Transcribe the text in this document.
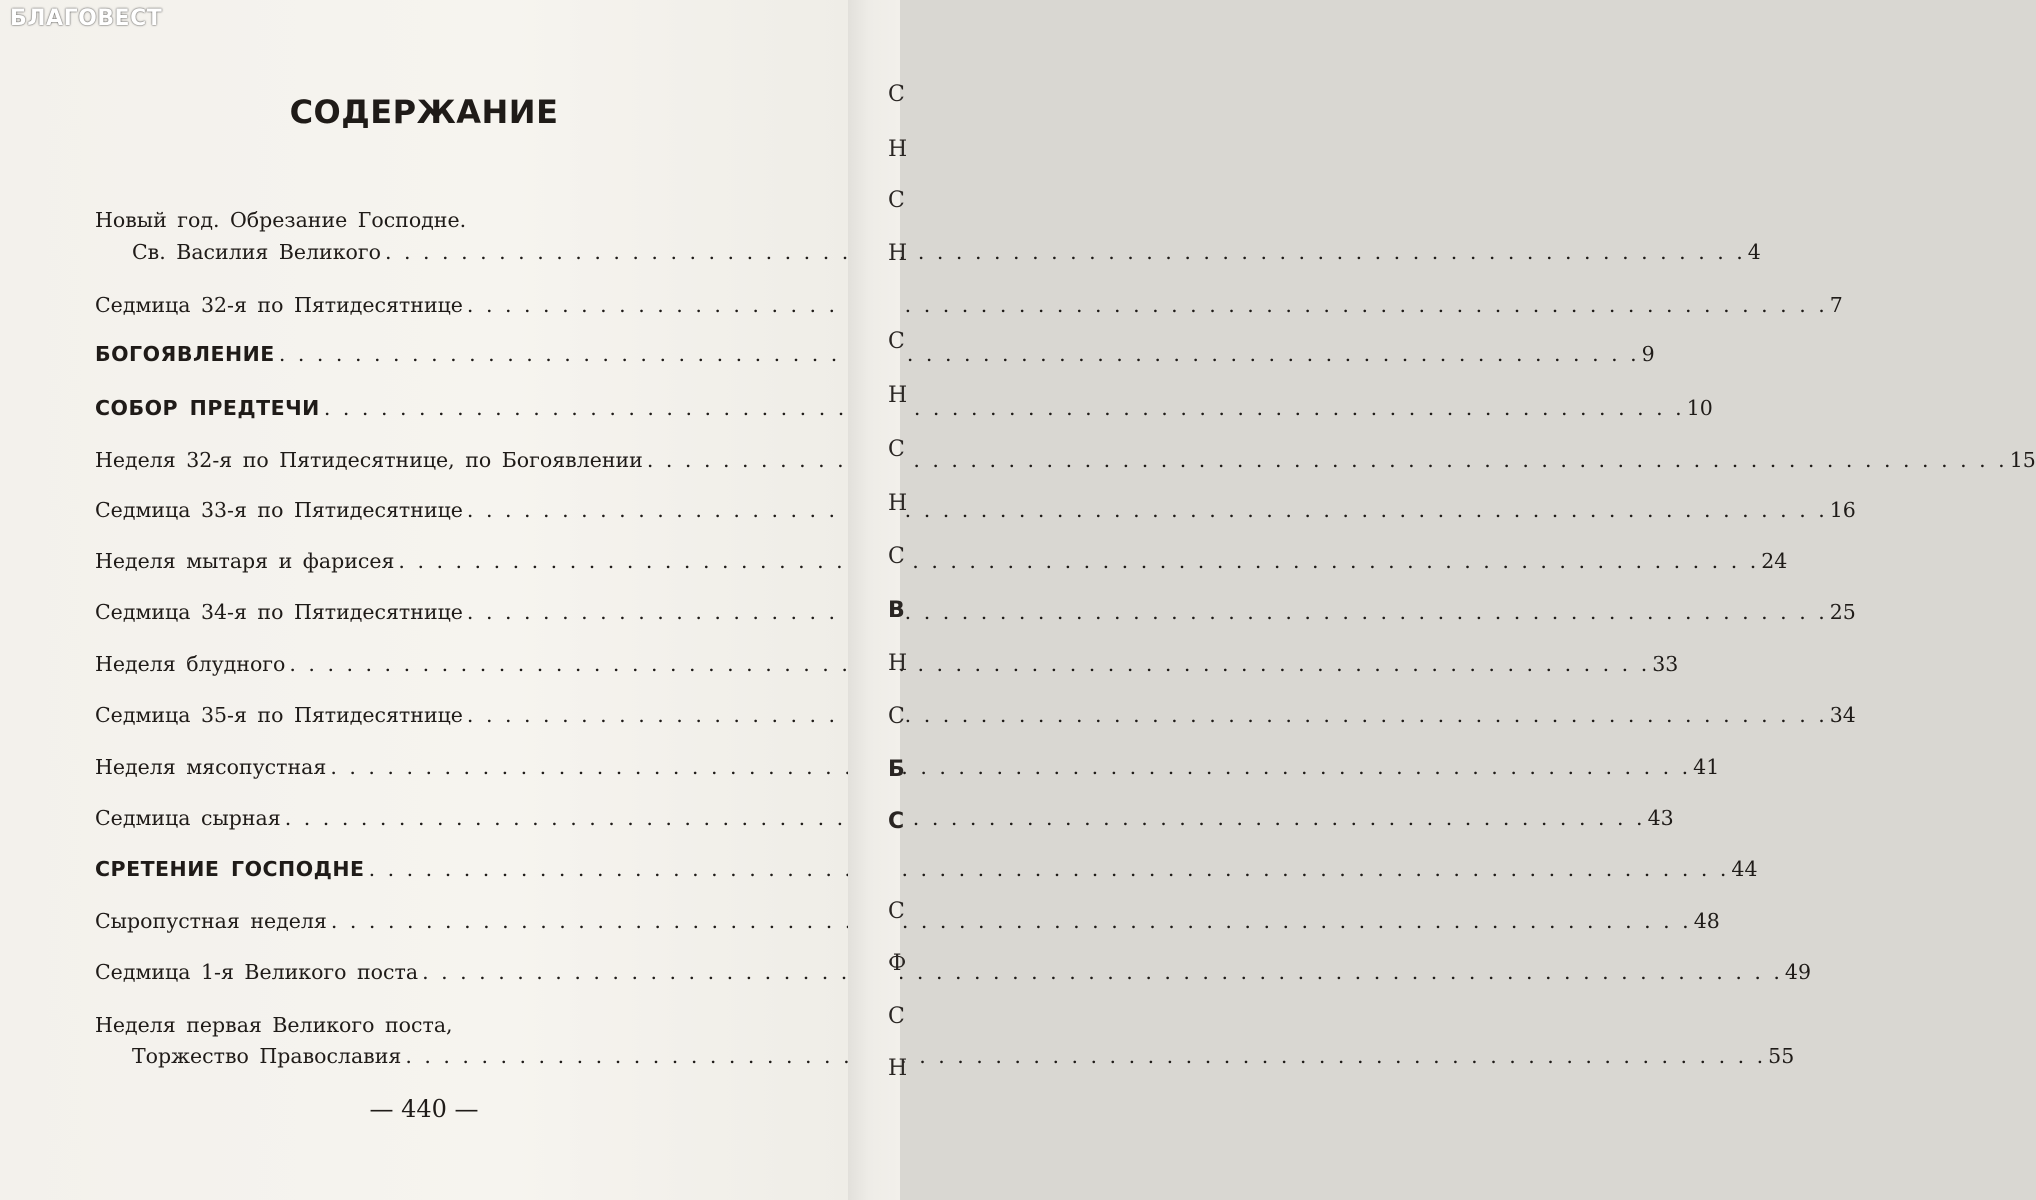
БЛАГОВЕСТ
СОДЕРЖАНИЕ
Новый год. Обрезание Господне.
Св. Василия Великого . . .	4
Седмица 32-я по Пятидесятнице . . .	7
БОГОЯВЛЕНИЕ . . .	9
СОБОР ПРЕДТЕЧИ . . .	10
Неделя 32-я по Пятидесятнице, по Богоявлении . . .	15
Седмица 33-я по Пятидесятнице . . .	16
Неделя мытаря и фарисея . . .	24
Седмица 34-я по Пятидесятнице . . .	25
Неделя блудного . . .	33
Седмица 35-я по Пятидесятнице . . .	34
Неделя мясопустная . . .	41
Седмица сырная . . .	43
СРЕТЕНИЕ ГОСПОДНЕ . . .	44
Сыропустная неделя . . .	48
Седмица 1-я Великого поста . . .	49
Неделя первая Великого поста,
Торжество Православия . . .	55
— 440 —
С
Н
С
Н
С
Н
С
Н
С
В
Н
С
Б
С
С
Ф
С
Н
